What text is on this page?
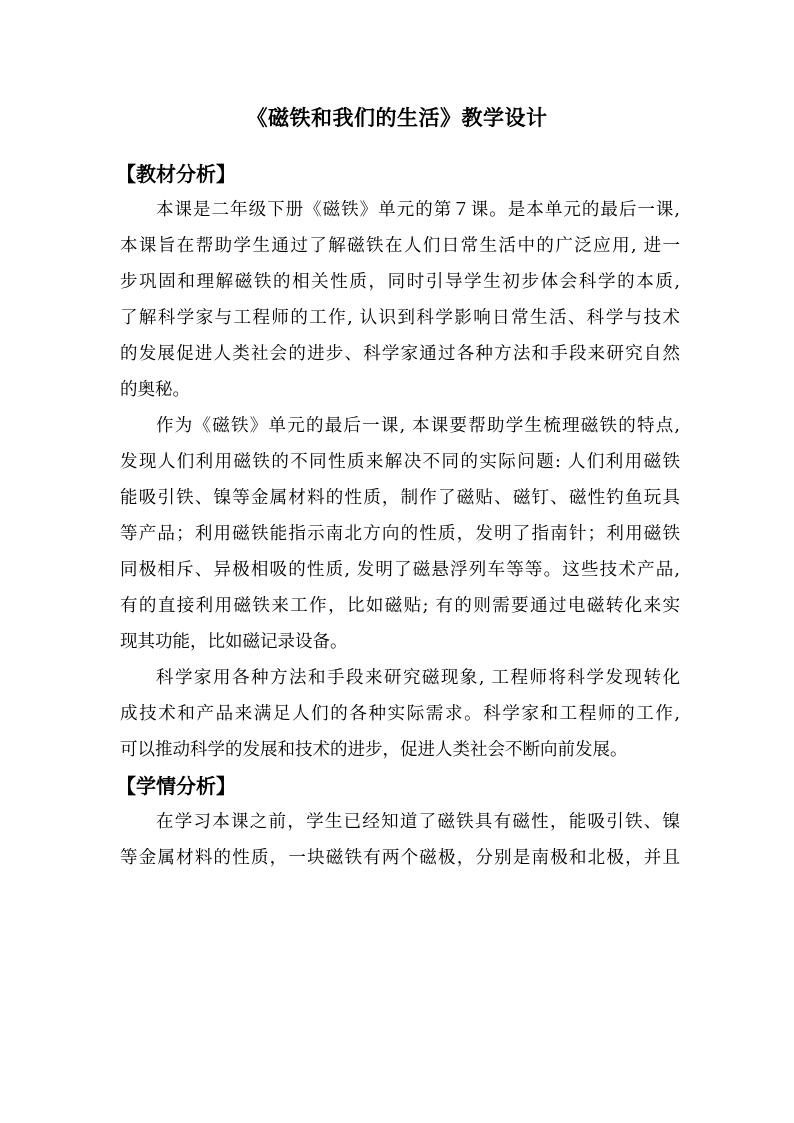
《磁铁和我们的生活》教学设计
【教材分析】
本课是二年级下册《磁铁》单元的第７课。是本单元的最后一课,
本课旨在帮助学生通过了解磁铁在人们日常生活中的广泛应用, 进一
步巩固和理解磁铁的相关性质，同时引导学生初步体会科学的本质,
了解科学家与工程师的工作, 认识到科学影响日常生活、科学与技术
的发展促进人类社会的进步、科学家通过各种方法和手段来研究自然
的奥秘。
作为《磁铁》单元的最后一课, 本课要帮助学生梳理磁铁的特点,
发现人们利用磁铁的不同性质来解决不同的实际问题: 人们利用磁铁
能吸引铁、镍等金属材料的性质，制作了磁贴、磁钉、磁性钓鱼玩具
等产品；利用磁铁能指示南北方向的性质，发明了指南针；利用磁铁
同极相斥、异极相吸的性质, 发明了磁悬浮列车等等。这些技术产品,
有的直接利用磁铁来工作，比如磁贴; 有的则需要通过电磁转化来实
现其功能，比如磁记录设备。
科学家用各种方法和手段来研究磁现象, 工程师将科学发现转化
成技术和产品来满足人们的各种实际需求。科学家和工程师的工作,
可以推动科学的发展和技术的进步，促进人类社会不断向前发展。
【学情分析】
在学习本课之前，学生已经知道了磁铁具有磁性，能吸引铁、镍
等金属材料的性质，一块磁铁有两个磁极，分别是南极和北极，并且
